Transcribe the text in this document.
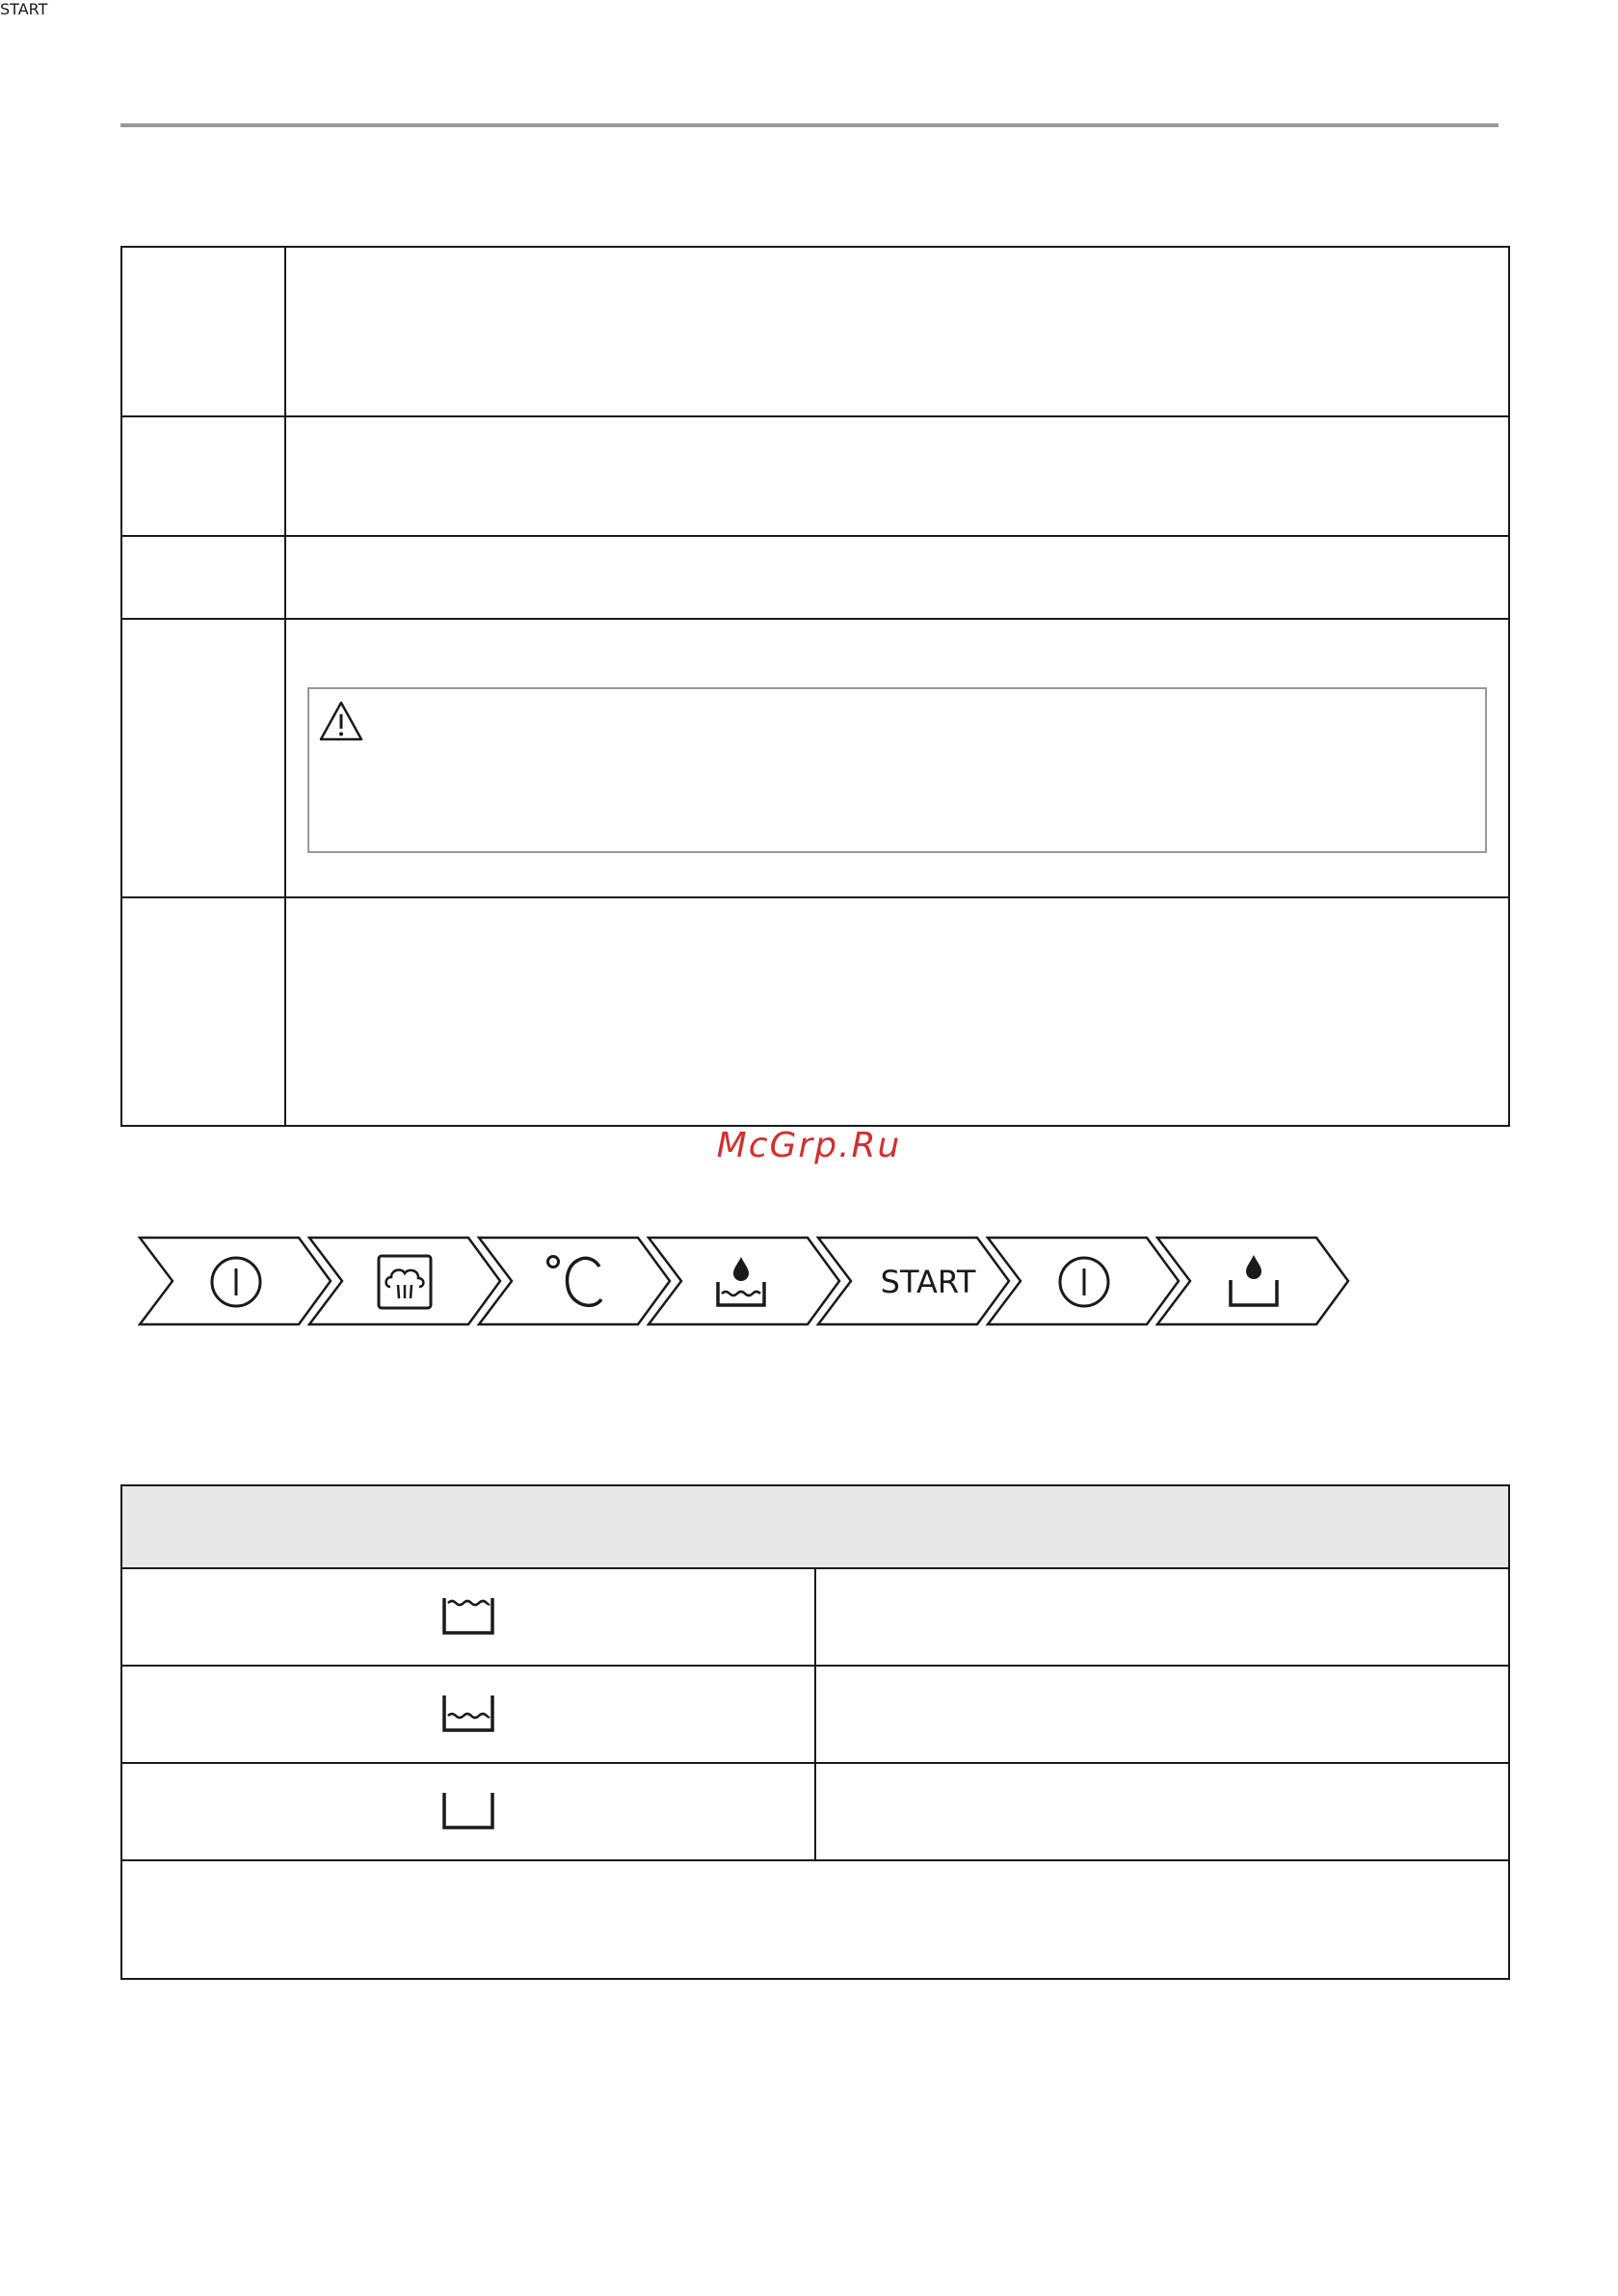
START
McGrp.Ru
START
